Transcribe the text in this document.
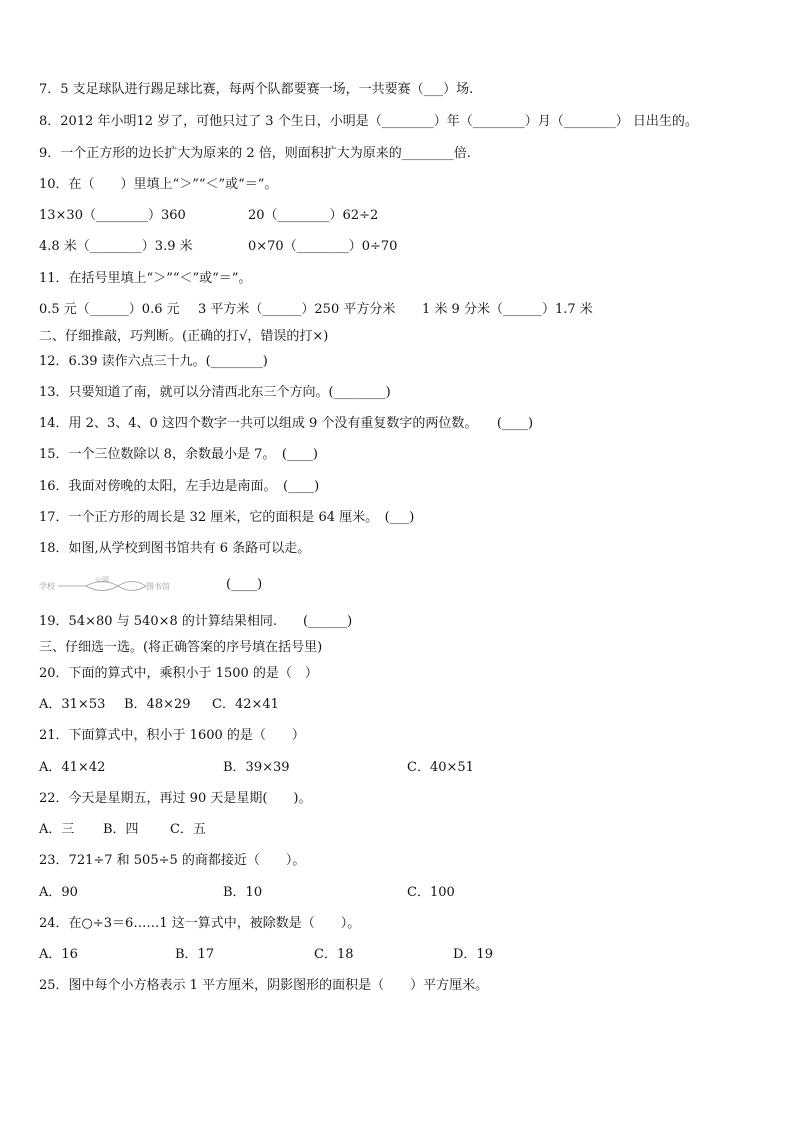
7．5 支足球队进行踢足球比赛，每两个队都要赛一场，一共要赛（___）场.
8．2012 年小明12 岁了，可他只过了 3 个生日，小明是（________）年（________）月（________） 日出生的。
9．一个正方形的边长扩大为原来的 2 倍，则面积扩大为原来的________倍.
10．在（　　）里填上“＞”“＜”或“＝”。
13×30（________）360	20（________）62÷2
4.8 米（________）3.9 米	0×70（________）0÷70
11．在括号里填上“＞”“＜”或“＝”。
0.5 元（______）0.6 元 3 平方米（______）250 平方分米 1 米 9 分米（______）1.7 米
二、仔细推敲，巧判断。(正确的打√，错误的打×)
12．6.39 读作六点三十九。(________)
13．只要知道了南，就可以分清西北东三个方向。(________)
14．用 2、3、4、0 这四个数字一共可以组成 9 个没有重复数字的两位数。　　(____)
15．一个三位数除以 8，余数最小是 7。　(____)
16．我面对傍晚的太阳，左手边是南面。　(____)
17．一个正方形的周长是 32 厘米，它的面积是 64 厘米。　(___)
18．如图,从学校到图书馆共有 6 条路可以走。
学校
公园
图书馆	(____)
19．54×80 与 540×8 的计算结果相同.　　(______)
三、仔细选一选。(将正确答案的序号填在括号里)
20．下面的算式中，乘积小于 1500 的是（　）
A．31×53 B．48×29 C．42×41
21．下面算式中，积小于 1600 的是（　　）
A．41×42	B．39×39	C．40×51
22．今天是星期五，再过 90 天是星期(　　)。
A．三 B．四 C．五
23．721÷7 和 505÷5 的商都接近（　　）。
A．90	B．10	C．100
24．在○÷3＝6……1 这一算式中，被除数是（　　）。
A．16	B．17	C．18	D．19
25．图中每个小方格表示 1 平方厘米，阴影图形的面积是（　　）平方厘米。
